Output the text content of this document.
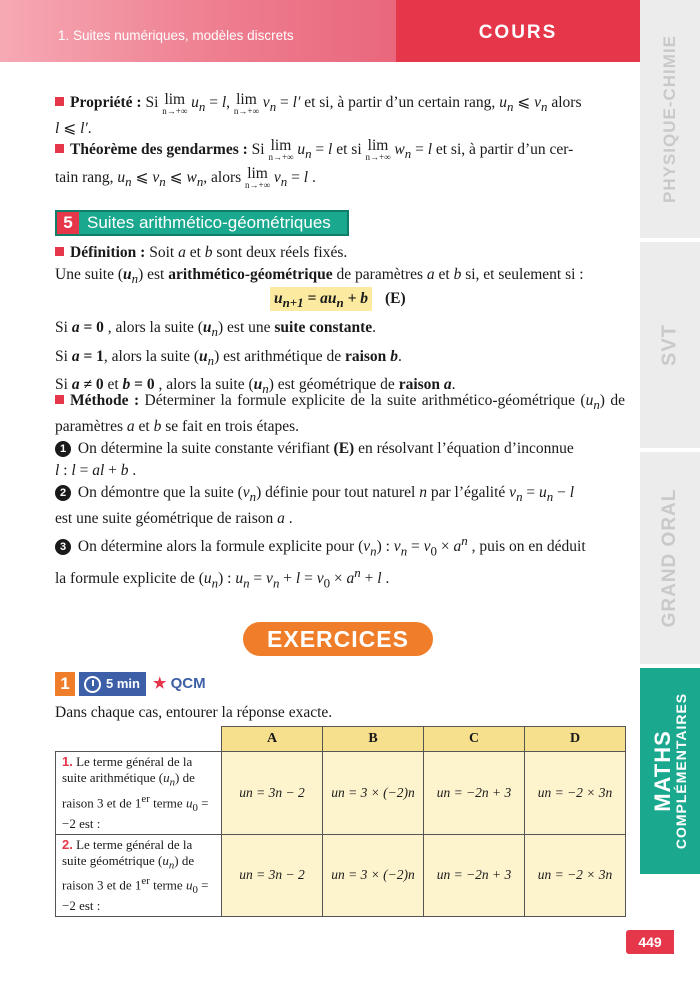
1. Suites numériques, modèles discrets	COURS
PHYSIQUE-CHIMIE
SVT
GRAND ORAL
MATHS
COMPLÉMENTAIRES
449
Propriété : Si lim
n→+∞ $u_n = l$, lim
n→+∞ $v_n = l'$ et si, à partir d’un certain rang, $u_n$ ⩽ $v_n$ alors
l ⩽ l′.
Théorème des gendarmes : Si lim
n→+∞ $u_n = l$ et si lim
n→+∞ $w_n = l$ et si, à partir d’un cer-
tain rang, $u_n$ ⩽ $v_n$ ⩽ $w_n$, alors lim
n→+∞ $v_n = l$ .
5 Suites arithmético-géométriques
Définition : Soit a et b sont deux réels fixés.
Une suite $(u_n)$ est arithmético-géométrique de paramètres a et b si, et seulement si :
$u_{n+1} = au_n + b$ (E)
Si a = 0 , alors la suite $(u_n)$ est une suite constante.
Si a = 1, alors la suite $(u_n)$ est arithmétique de raison b.
Si a ≠ 0 et b = 0 , alors la suite $(u_n)$ est géométrique de raison a.
Méthode : Déterminer la formule explicite de la suite arithmético-géométrique $(u_n)$ de paramètres a et b se fait en trois étapes.
1 On détermine la suite constante vérifiant (E) en résolvant l’équation d’inconnue
l : l = al + b .
2 On démontre que la suite $(v_n)$ définie pour tout naturel n par l’égalité $v_n = u_n - l$
est une suite géométrique de raison a .
3 On détermine alors la formule explicite pour $(v_n)$ : $v_n = v_0 \times a^n$ , puis on en déduit
la formule explicite de $(u_n)$ : $u_n = v_n + l = v_0 \times a^n + l$ .
EXERCICES
1	5 min ★ QCM
Dans chaque cas, entourer la réponse exacte.
	A	B	C	D
1. Le terme général de la suite arithmétique $(u_n)$ de raison 3 et de 1er terme $u_0 = -2$ est :	un = 3n − 2	un = 3 × (−2)n	un = −2n + 3	un = −2 × 3n
2. Le terme général de la suite géométrique $(u_n)$ de raison 3 et de 1er terme $u_0 = -2$ est :	un = 3n − 2	un = 3 × (−2)n	un = −2n + 3	un = −2 × 3n
